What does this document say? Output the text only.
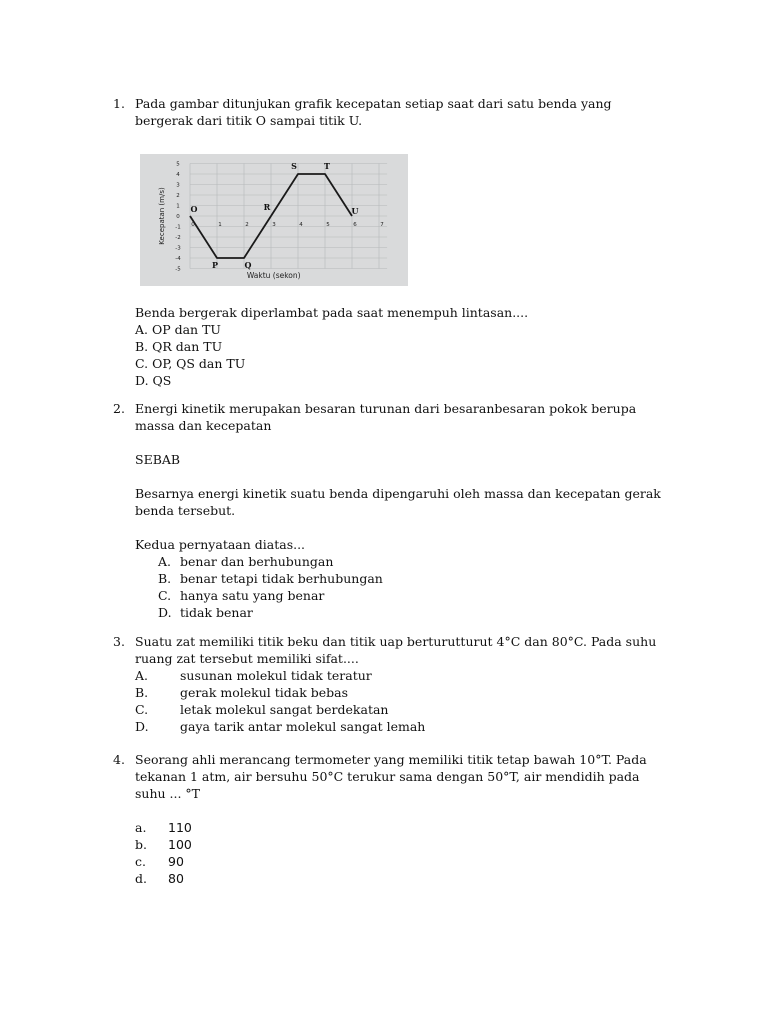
1. Pada gambar ditunjukan grafik kecepatan setiap saat dari satu benda yang bergerak dari titik O sampai titik U.

5
4
3
2
1
0
-1
-2
-3
-4
-5
0	1	2	3	4	5	6	7
Kecepatan (m/s)
Waktu (sekon)
O
P	Q
R
S	T
U

Benda bergerak diperlambat pada saat menempuh lintasan....

A. OP dan TU
B. QR dan TU
C. OP, QS dan TU
D. QS
2. Energi kinetik merupakan besaran turunan dari besaranbesaran pokok berupa massa dan kecepatan

SEBAB

Besarnya energi kinetik suatu benda dipengaruhi oleh massa dan kecepatan gerak benda tersebut.

Kedua pernyataan diatas...

A. benar dan berhubungan
B. benar tetapi tidak berhubungan
C. hanya satu yang benar
D. tidak benar
3. Suatu zat memiliki titik beku dan titik uap berturutturut 4°C dan 80°C. Pada suhu ruang zat tersebut memiliki sifat....

A.	susunan molekul tidak teratur
B.	gerak molekul tidak bebas
C.	letak molekul sangat berdekatan
D.	gaya tarik antar molekul sangat lemah
4. Seorang ahli merancang termometer yang memiliki titik tetap bawah 10°T. Pada tekanan 1 atm, air bersuhu 50°C terukur sama dengan 50°T, air mendidih pada suhu ... °T

a.	110
b.	100
c.	90
d.	80
